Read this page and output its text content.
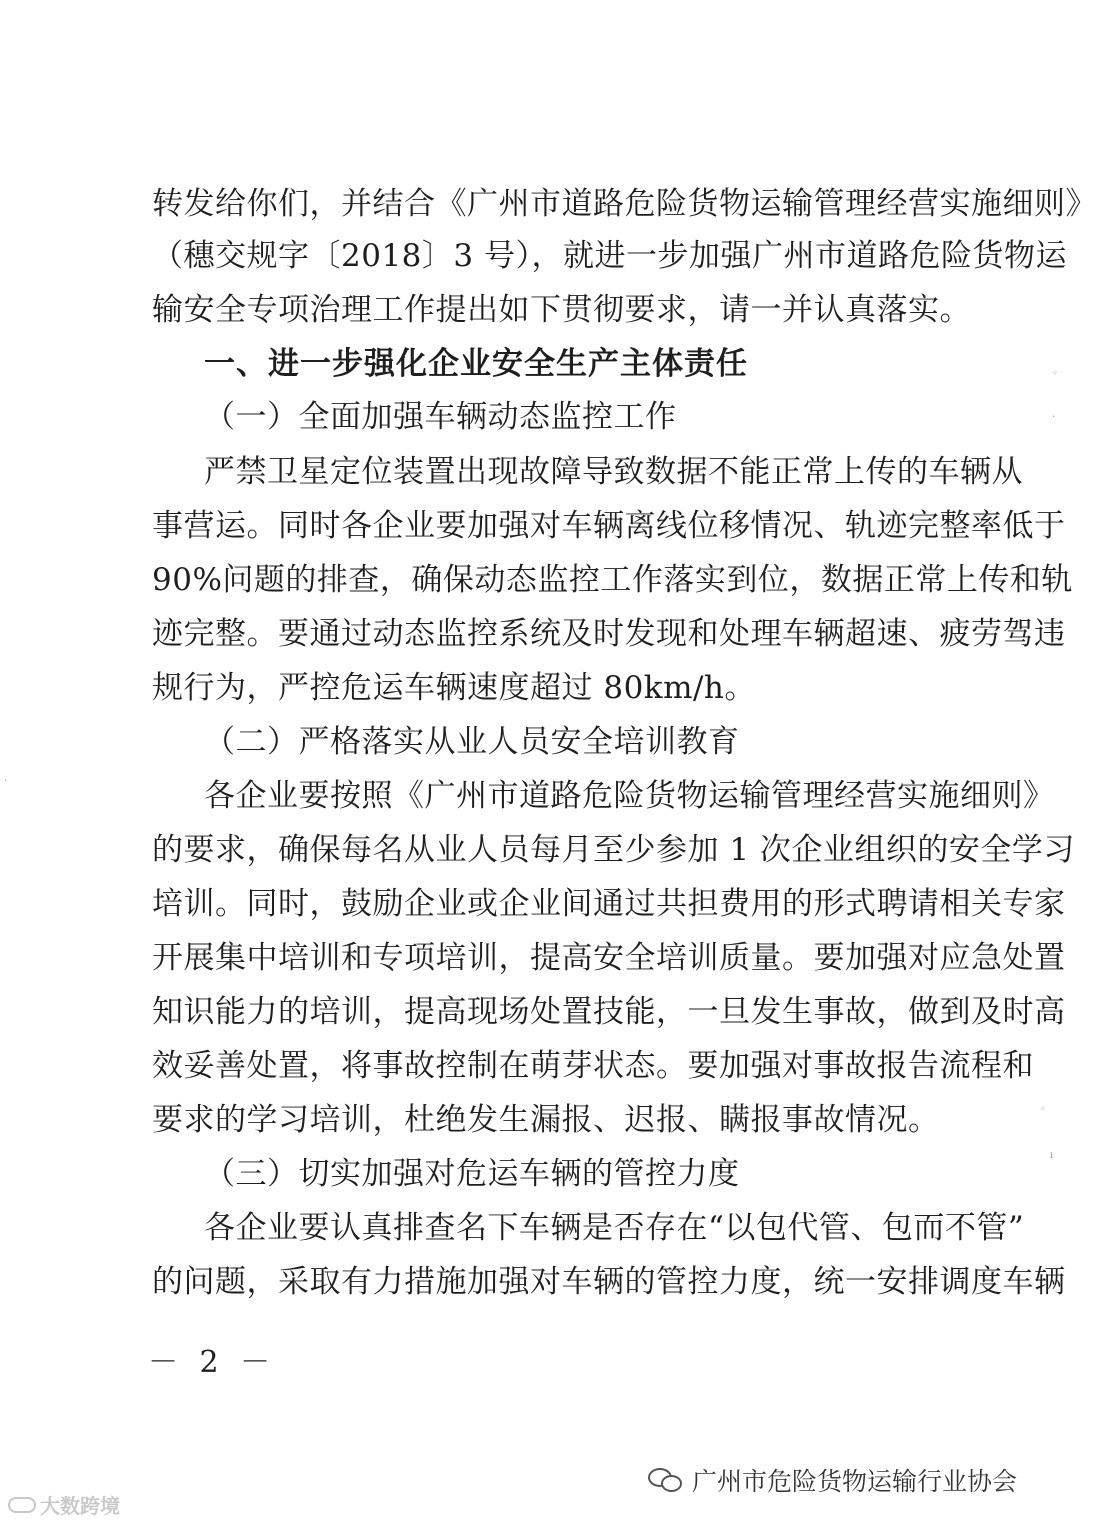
转发给你们，并结合《广州市道路危险货物运输管理经营实施细则》
（穗交规字〔2018〕3 号），就进一步加强广州市道路危险货物运
输安全专项治理工作提出如下贯彻要求，请一并认真落实。
一、进一步强化企业安全生产主体责任
（一）全面加强车辆动态监控工作
严禁卫星定位装置出现故障导致数据不能正常上传的车辆从
事营运。同时各企业要加强对车辆离线位移情况、轨迹完整率低于
90%问题的排查，确保动态监控工作落实到位，数据正常上传和轨
迹完整。要通过动态监控系统及时发现和处理车辆超速、疲劳驾违
规行为，严控危运车辆速度超过 80km/h。
（二）严格落实从业人员安全培训教育
各企业要按照《广州市道路危险货物运输管理经营实施细则》
的要求，确保每名从业人员每月至少参加 1 次企业组织的安全学习
培训。同时，鼓励企业或企业间通过共担费用的形式聘请相关专家
开展集中培训和专项培训，提高安全培训质量。要加强对应急处置
知识能力的培训，提高现场处置技能，一旦发生事故，做到及时高
效妥善处置，将事故控制在萌芽状态。要加强对事故报告流程和
要求的学习培训，杜绝发生漏报、迟报、瞒报事故情况。
（三）切实加强对危运车辆的管控力度
各企业要认真排查名下车辆是否存在“以包代管、包而不管”
的问题，采取有力措施加强对车辆的管控力度，统一安排调度车辆
－ 2 －
◦
·
◦
ı
·
大数跨境
广州市危险货物运输行业协会
